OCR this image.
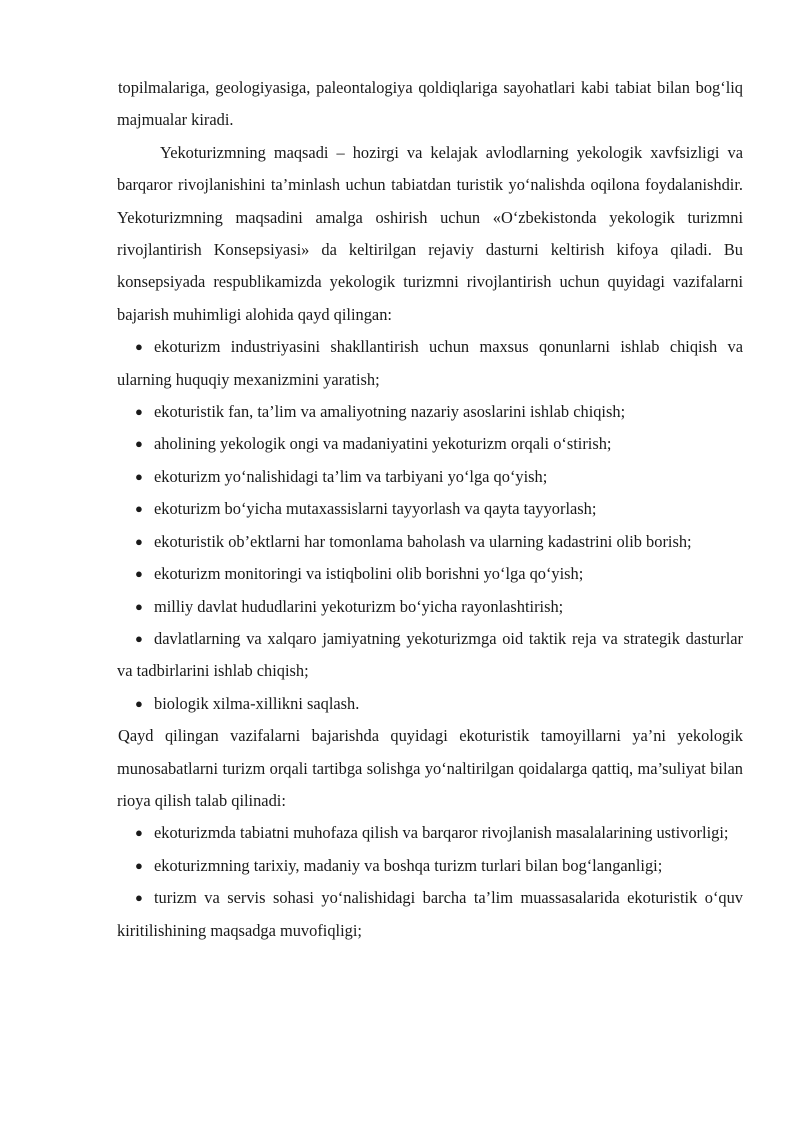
topilmalariga, geologiyasiga, paleontalogiya qoldiqlariga sayohatlari kabi tabiat bilan bog‘liq majmualar kiradi.

Yekoturizmning maqsadi – hozirgi va kelajak avlodlarning yekologik xavfsizligi va barqaror rivojlanishini ta’minlash uchun tabiatdan turistik yo‘nalishda oqilona foydalanishdir. Yekoturizmning maqsadini amalga oshirish uchun «O‘zbekistonda yekologik turizmni rivojlantirish Konsepsiyasi» da keltirilgan rejaviy dasturni keltirish kifoya qiladi. Bu konsepsiyada respublikamizda yekologik turizmni rivojlantirish uchun quyidagi vazifalarni bajarish muhimligi alohida qayd qilingan:

● ekoturizm industriyasini shakllantirish uchun maxsus qonunlarni ishlab chiqish va ularning huquqiy mexanizmini yaratish;
● ekoturistik fan, ta’lim va amaliyotning nazariy asoslarini ishlab chiqish;
● aholining yekologik ongi va madaniyatini yekoturizm orqali o‘stirish;
● ekoturizm yo‘nalishidagi ta’lim va tarbiyani yo‘lga qo‘yish;
● ekoturizm bo‘yicha mutaxassislarni tayyorlash va qayta tayyorlash;
● ekoturistik ob’ektlarni har tomonlama baholash va ularning kadastrini olib borish;
● ekoturizm monitoringi va istiqbolini olib borishni yo‘lga qo‘yish;
● milliy davlat hududlarini yekoturizm bo‘yicha rayonlashtirish;
● davlatlarning va xalqaro jamiyatning yekoturizmga oid taktik reja va strategik dasturlar va tadbirlarini ishlab chiqish;
● biologik xilma-xillikni saqlash.

Qayd qilingan vazifalarni bajarishda quyidagi ekoturistik tamoyillarni ya’ni yekologik munosabatlarni turizm orqali tartibga solishga yo‘naltirilgan qoidalarga qattiq, ma’suliyat bilan rioya qilish talab qilinadi:

● ekoturizmda tabiatni muhofaza qilish va barqaror rivojlanish masalalarining ustivorligi;
● ekoturizmning tarixiy, madaniy va boshqa turizm turlari bilan bog‘langanligi;
● turizm va servis sohasi yo‘nalishidagi barcha ta’lim muassasalarida ekoturistik o‘quv kiritilishining maqsadga muvofiqligi;
